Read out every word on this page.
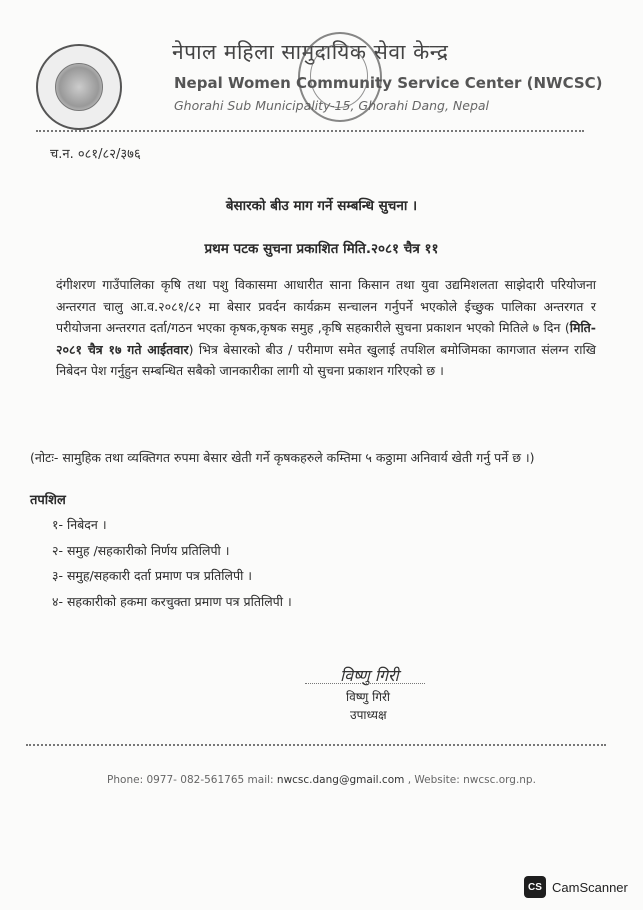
नेपाल महिला सामुदायिक सेवा केन्द्र
Nepal Women Community Service Center (NWCSC)
Ghorahi Sub Municipality-15, Ghorahi Dang, Nepal
च.न. ०८१/८२/३७६
बेसारको बीउ माग गर्ने सम्बन्धि सुचना ।
प्रथम पटक सुचना प्रकाशित मिति.२०८१ चैत्र ११
दंगीशरण गाउँपालिका कृषि तथा पशु विकासमा आधारीत साना किसान तथा युवा उद्यमिशलता साझेदारी परियोजना अन्तरगत चालु आ.व.२०८१/८२ मा बेसार प्रवर्दन कार्यक्रम सन्चालन गर्नुपर्ने भएकोले ईच्छुक पालिका अन्तरगत र परीयोजना अन्तरगत दर्ता/गठन भएका कृषक,कृषक समुह ,कृषि सहकारीले सुचना प्रकाशन भएको मितिले ७ दिन (मिति- २०८१ चैत्र १७ गते आईतवार) भित्र बेसारको बीउ / परीमाण समेत खुलाई तपशिल बमोजिमका कागजात संलग्न राखि निबेदन पेश गर्नुहुन सम्बन्धित सबैको जानकारीका लागी यो सुचना प्रकाशन गरिएको छ ।
(नोटः- सामुहिक तथा व्यक्तिगत रुपमा बेसार खेती गर्ने कृषकहरुले कम्तिमा ५ कठ्ठामा अनिवार्य खेती गर्नु पर्ने छ ।)
तपशिल
१- निबेदन ।
२- समुह /सहकारीको निर्णय प्रतिलिपी ।
३- समुह/सहकारी दर्ता प्रमाण पत्र प्रतिलिपी ।
४- सहकारीको हकमा करचुक्ता प्रमाण पत्र प्रतिलिपी ।
विष्णु गिरी
विष्णु गिरी
उपाध्यक्ष
Phone: 0977- 082-561765 mail: nwcsc.dang@gmail.com , Website: nwcsc.org.np.
CS CamScanner
